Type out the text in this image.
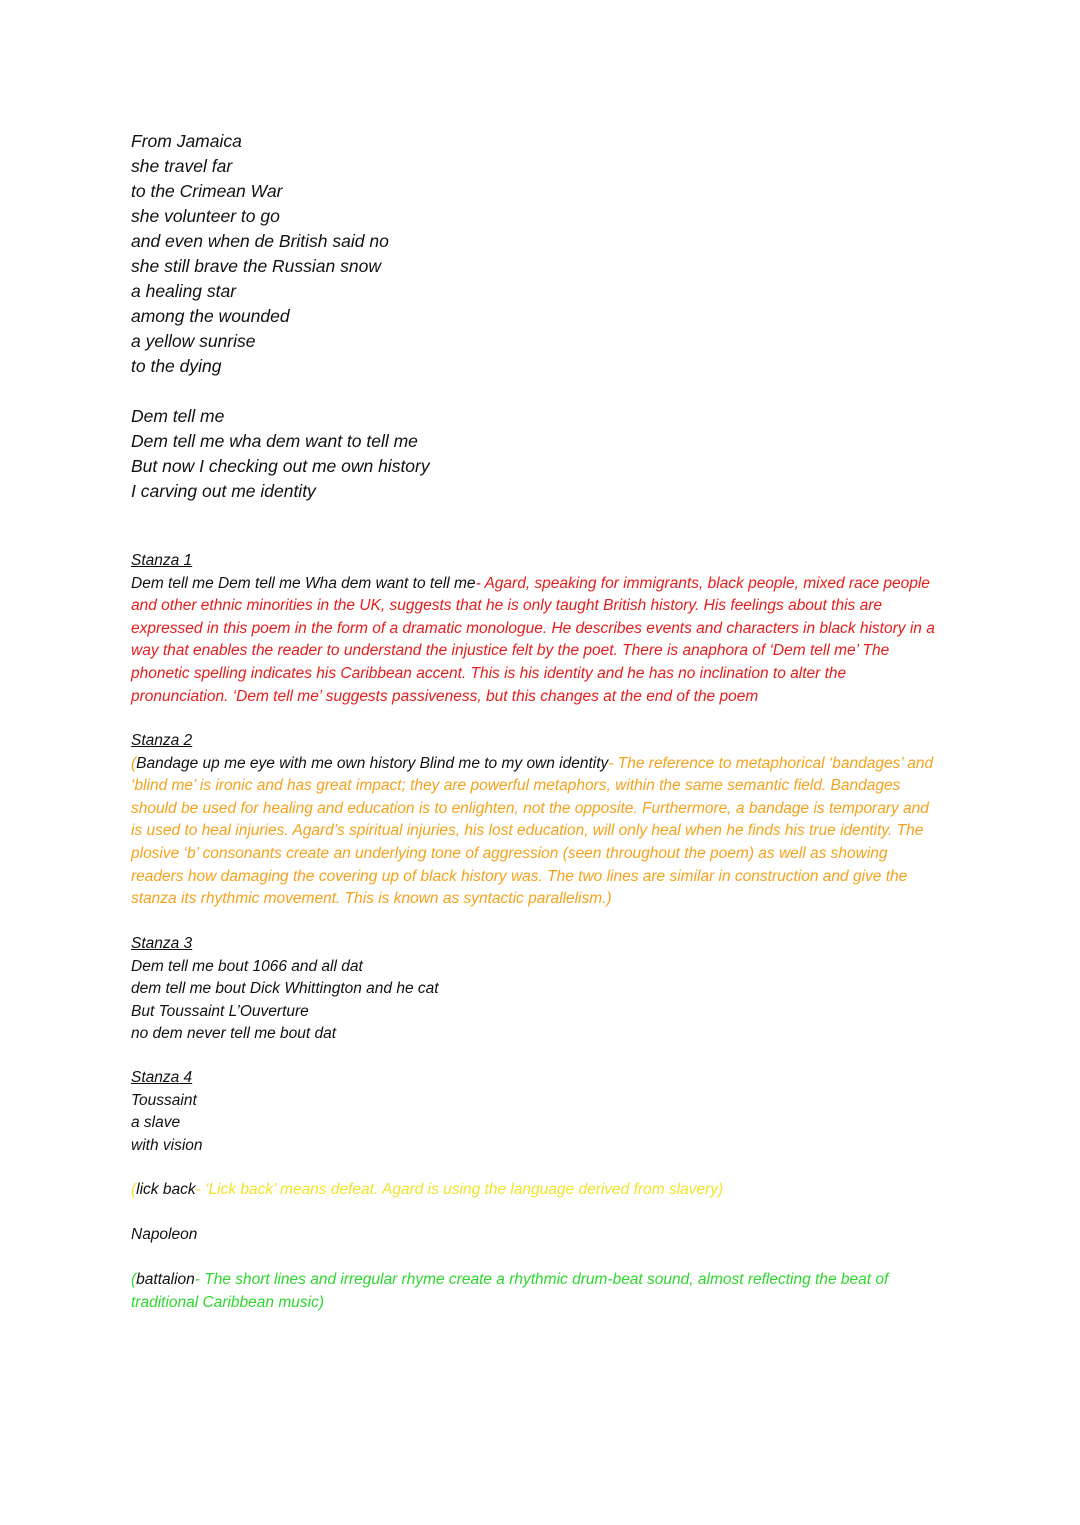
From Jamaica
she travel far
to the Crimean War
she volunteer to go
and even when de British said no
she still brave the Russian snow
a healing star
among the wounded
a yellow sunrise
to the dying
Dem tell me
Dem tell me wha dem want to tell me
But now I checking out me own history
I carving out me identity
Stanza 1

Dem tell me Dem tell me Wha dem want to tell me- Agard, speaking for immigrants, black people, mixed race people and other ethnic minorities in the UK, suggests that he is only taught British history. His feelings about this are expressed in this poem in the form of a dramatic monologue. He describes events and characters in black history in a way that enables the reader to understand the injustice felt by the poet. There is anaphora of ‘Dem tell me’ The phonetic spelling indicates his Caribbean accent. This is his identity and he has no inclination to alter the pronunciation. ‘Dem tell me’ suggests passiveness, but this changes at the end of the poem

Stanza 2

(Bandage up me eye with me own history Blind me to my own identity- The reference to metaphorical ‘bandages’ and ‘blind me’ is ironic and has great impact; they are powerful metaphors, within the same semantic field. Bandages should be used for healing and education is to enlighten, not the opposite. Furthermore, a bandage is temporary and is used to heal injuries. Agard’s spiritual injuries, his lost education, will only heal when he finds his true identity. The plosive ‘b’ consonants create an underlying tone of aggression (seen throughout the poem) as well as showing readers how damaging the covering up of black history was. The two lines are similar in construction and give the stanza its rhythmic movement. This is known as syntactic parallelism.)

Stanza 3
Dem tell me bout 1066 and all dat
dem tell me bout Dick Whittington and he cat
But Toussaint L’Ouverture
no dem never tell me bout dat
Stanza 4
Toussaint
a slave
with vision

(lick back- ‘Lick back’ means defeat. Agard is using the language derived from slavery)

Napoleon

(battalion- The short lines and irregular rhyme create a rhythmic drum-beat sound, almost reflecting the beat of traditional Caribbean music)
